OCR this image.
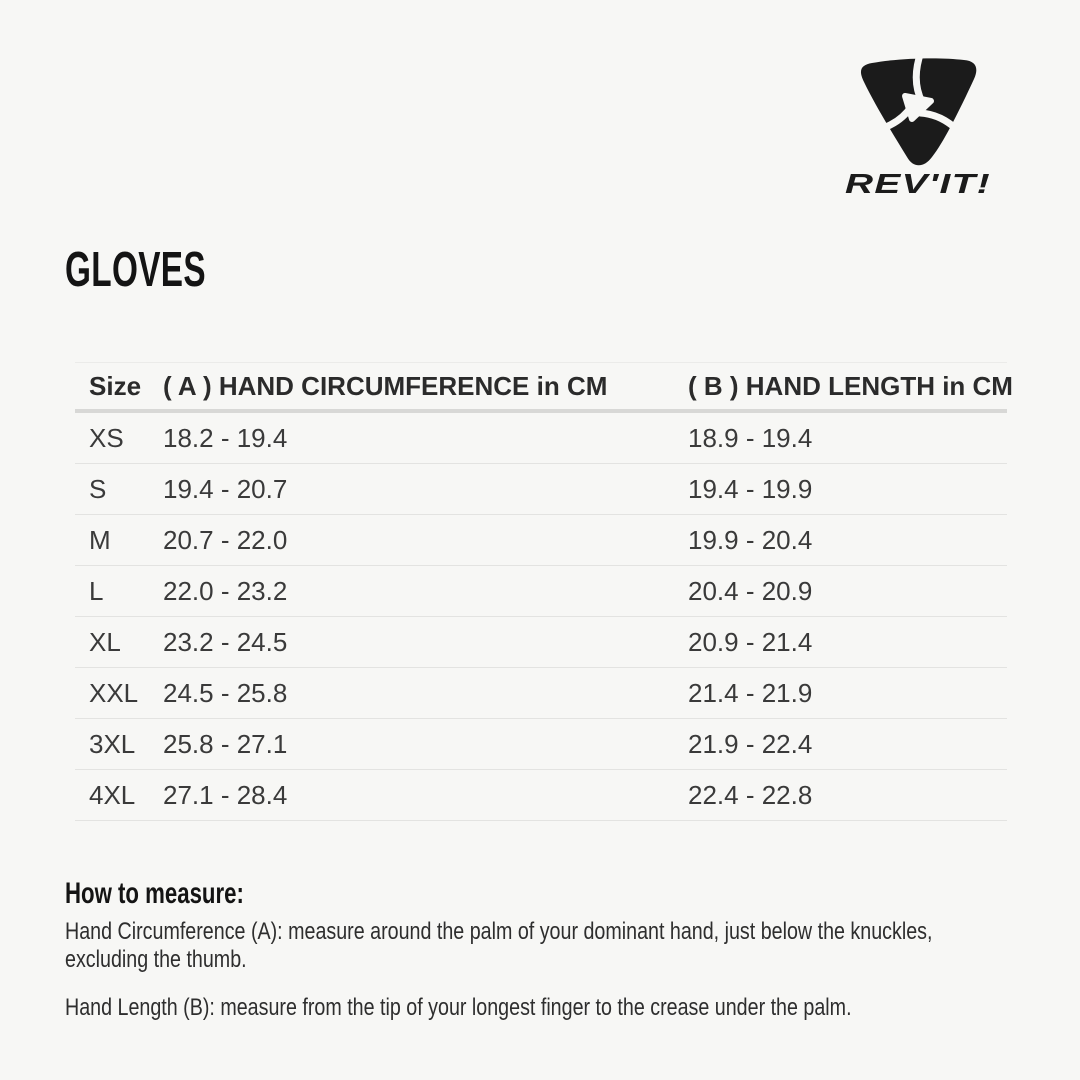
REV'IT!
GLOVES
Size ( A ) HAND CIRCUMFERENCE in CM	( B ) HAND LENGTH in CM
XS	18.2 - 19.4	18.9 - 19.4
S	19.4 - 20.7	19.4 - 19.9
M	20.7 - 22.0	19.9 - 20.4
L	22.0 - 23.2	20.4 - 20.9
XL	23.2 - 24.5	20.9 - 21.4
XXL 24.5 - 25.8	21.4 - 21.9
3XL	25.8 - 27.1	21.9 - 22.4
4XL	27.1 - 28.4	22.4 - 22.8
How to measure:
Hand Circumference (A): measure around the palm of your dominant hand, just below the knuckles,
excluding the thumb.
Hand Length (B): measure from the tip of your longest finger to the crease under the palm.
